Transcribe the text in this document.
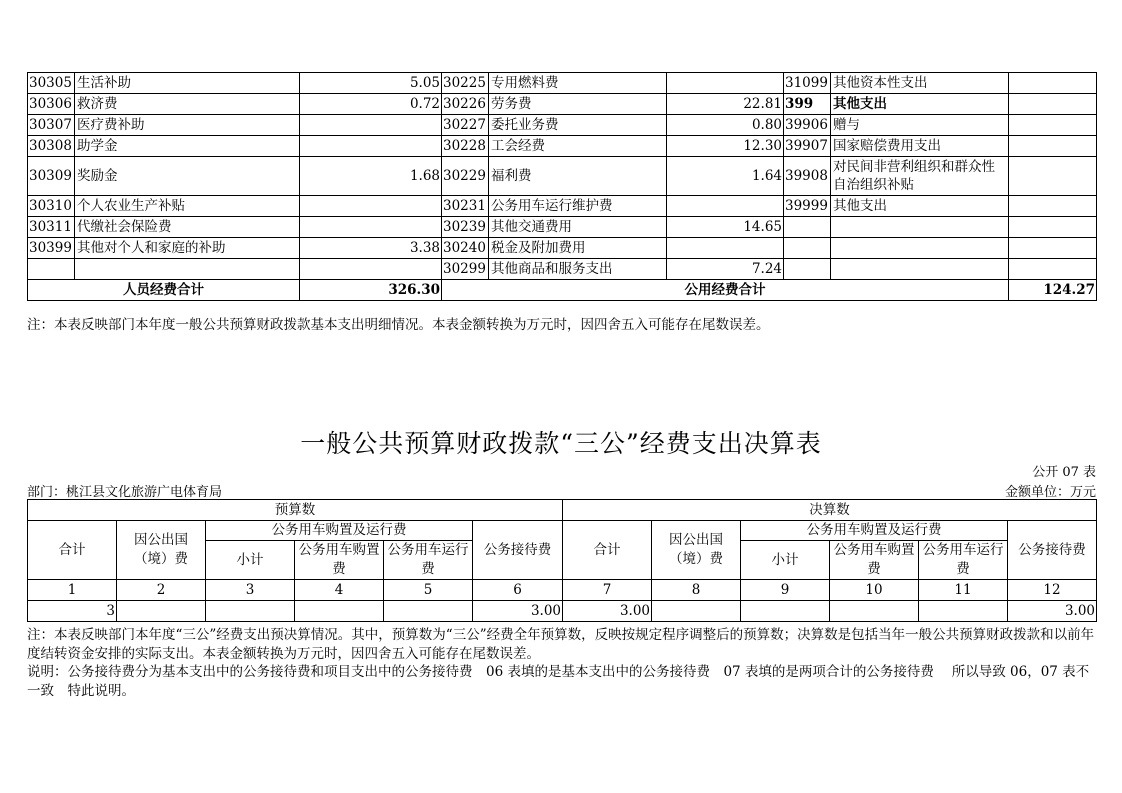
30305	生活补助	5.05	30225	专用燃料费		31099	其他资本性支出	
30306	救济费	0.72	30226	劳务费	22.81	399	其他支出	
30307	医疗费补助		30227	委托业务费	0.80	39906	赠与	
30308	助学金		30228	工会经费	12.30	39907	国家赔偿费用支出	
30309	奖励金	1.68	30229	福利费	1.64	39908	对民间非营利组织和群众性自治组织补贴	
30310	个人农业生产补贴		30231	公务用车运行维护费		39999	其他支出	
30311	代缴社会保险费		30239	其他交通费用	14.65			
30399	其他对个人和家庭的补助	3.38	30240	税金及附加费用				
			30299	其他商品和服务支出	7.24			
人员经费合计		326.30	公用经费合计					124.27
注：本表反映部门本年度一般公共预算财政拨款基本支出明细情况。本表金额转换为万元时，因四舍五入可能存在尾数误差。
一般公共预算财政拨款“三公”经费支出决算表
公开 07 表
部门：桃江县文化旅游广电体育局	金额单位：万元
预算数						决算数					
合计	因公出国（境）费	公务用车购置及运行费			公务接待费	合计	因公出国（境）费	公务用车购置及运行费			公务接待费
		小计	公务用车购置费	公务用车运行费				小计	公务用车购置费	公务用车运行费	
1	2	3	4	5	6	7	8	9	10	11	12
3					3.00	3.00					3.00
注：本表反映部门本年度“三公”经费支出预决算情况。其中，预算数为“三公”经费全年预算数，反映按规定程序调整后的预算数；决算数是包括当年一般公共预算财政拨款和以前年度结转资金安排的实际支出。本表金额转换为万元时，因四舍五入可能存在尾数误差。
说明：公务接待费分为基本支出中的公务接待费和项目支出中的公务接待费　06 表填的是基本支出中的公务接待费　07 表填的是两项合计的公务接待费　 所以导致 06，07 表不一致　特此说明。
